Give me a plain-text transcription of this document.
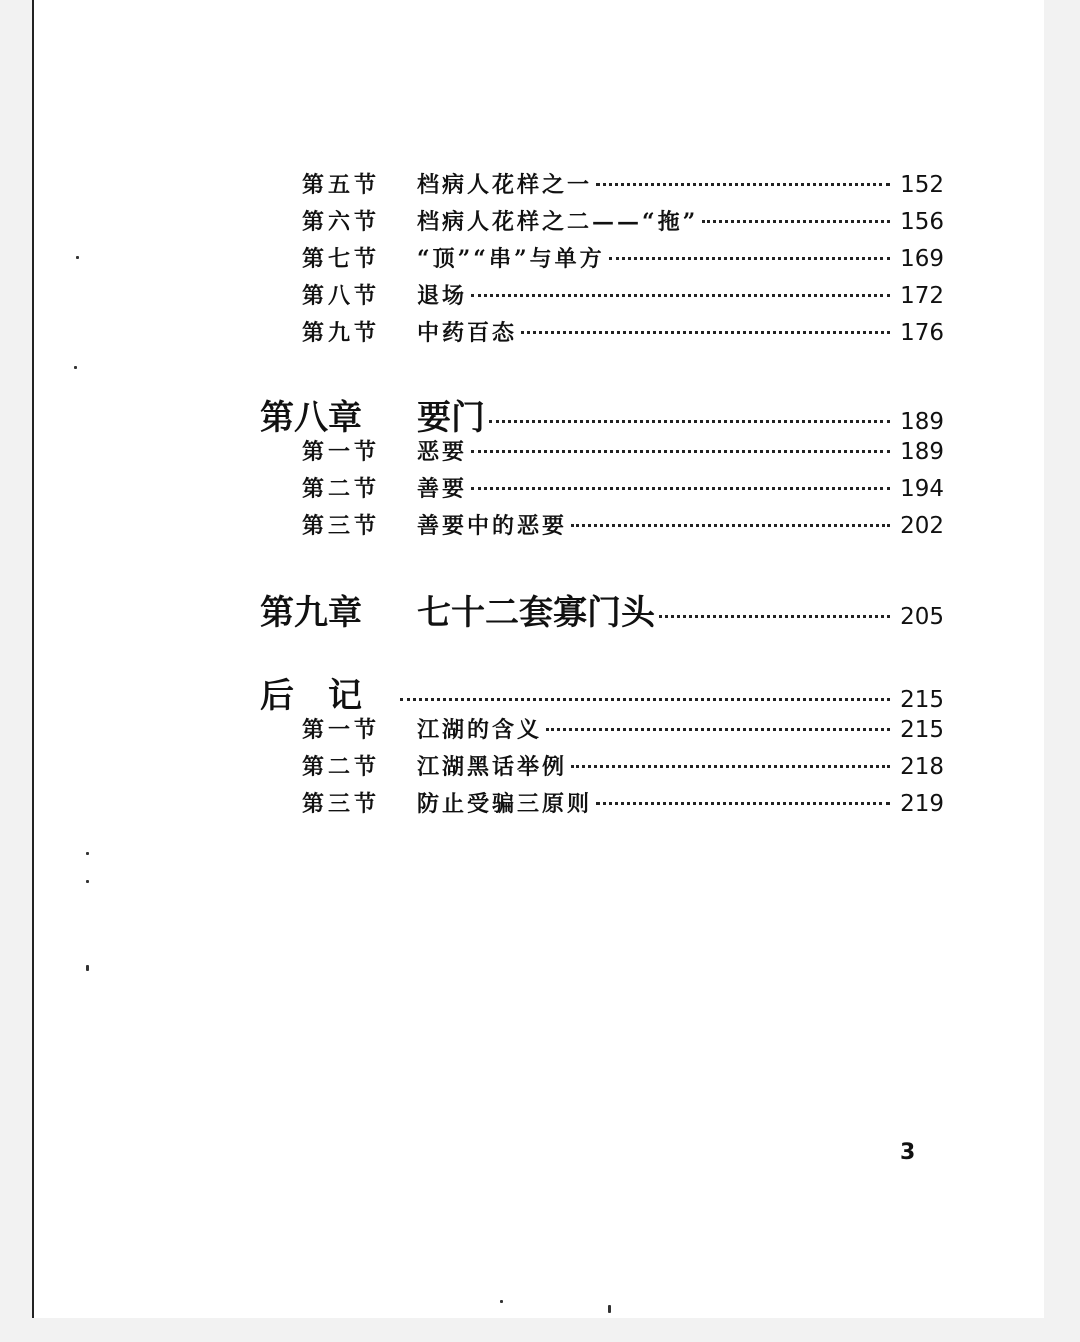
第五节	档病人花样之一	152
第六节	档病人花样之二——“拖”	156
第七节	“顶”“串”与单方	169
第八节	退场	172
第九节	中药百态	176
第八章	要门	189
第一节	恶要	189
第二节	善要	194
第三节	善要中的恶要	202
第九章	七十二套寡门头	205
后记	215
第一节	江湖的含义	215
第二节	江湖黑话举例	218
第三节	防止受骗三原则	219
3
